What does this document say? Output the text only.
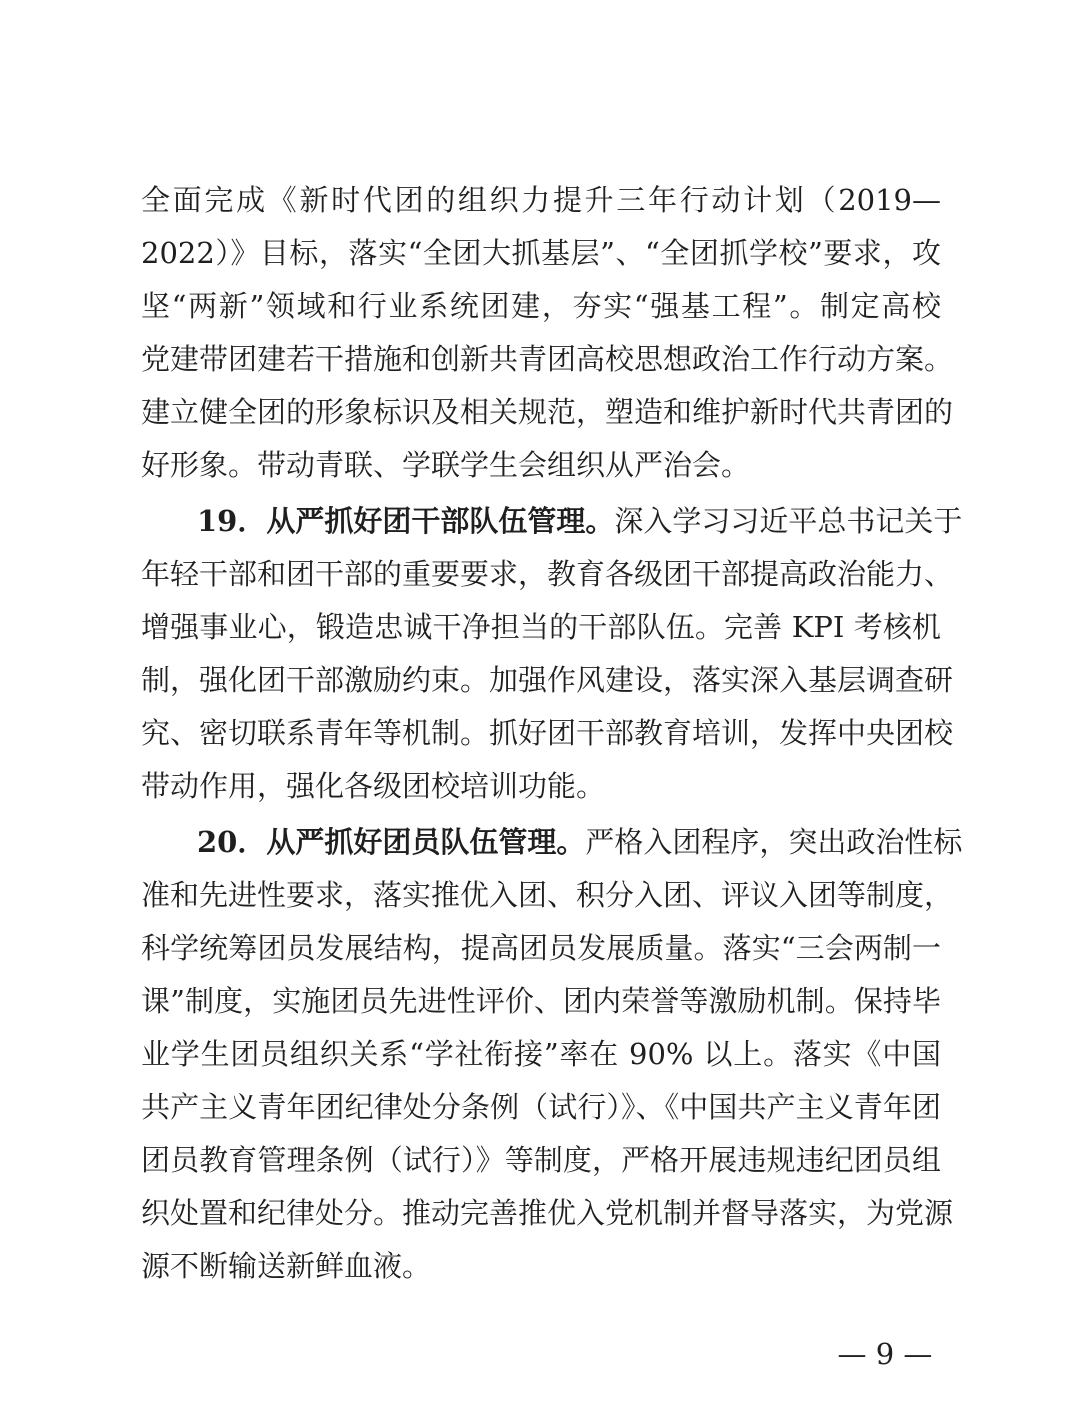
全面完成《新时代团的组织力提升三年行动计划（2019—
2022）》目标，落实“全团大抓基层”、“全团抓学校”要求，攻
坚“两新”领域和行业系统团建，夯实“强基工程”。制定高校
党建带团建若干措施和创新共青团高校思想政治工作行动方案。
建立健全团的形象标识及相关规范，塑造和维护新时代共青团的
好形象。带动青联、学联学生会组织从严治会。
19．从严抓好团干部队伍管理。深入学习习近平总书记关于
年轻干部和团干部的重要要求，教育各级团干部提高政治能力、
增强事业心，锻造忠诚干净担当的干部队伍。完善 KPI 考核机
制，强化团干部激励约束。加强作风建设，落实深入基层调查研
究、密切联系青年等机制。抓好团干部教育培训，发挥中央团校
带动作用，强化各级团校培训功能。
20．从严抓好团员队伍管理。严格入团程序，突出政治性标
准和先进性要求，落实推优入团、积分入团、评议入团等制度，
科学统筹团员发展结构，提高团员发展质量。落实“三会两制一
课”制度，实施团员先进性评价、团内荣誉等激励机制。保持毕
业学生团员组织关系“学社衔接”率在 90% 以上。落实《中国
共产主义青年团纪律处分条例（试行）》、《中国共产主义青年团
团员教育管理条例（试行）》等制度，严格开展违规违纪团员组
织处置和纪律处分。推动完善推优入党机制并督导落实，为党源
源不断输送新鲜血液。
— 9 —
